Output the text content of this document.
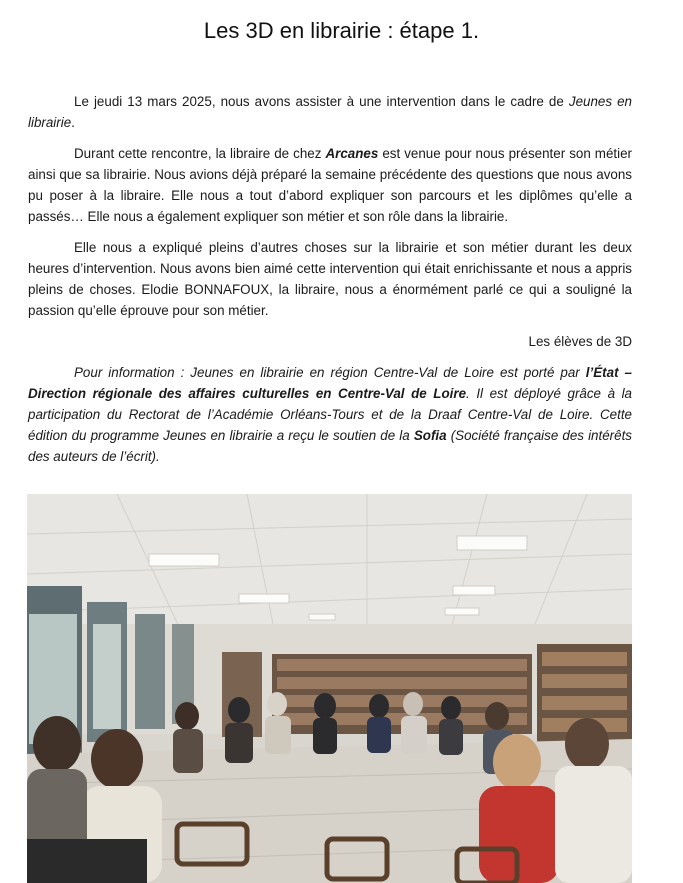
Les 3D en librairie : étape 1.

Le jeudi 13 mars 2025, nous avons assister à une intervention dans le cadre de Jeunes en librairie.

Durant cette rencontre, la libraire de chez Arcanes est venue pour nous présenter son métier ainsi que sa librairie. Nous avions déjà préparé la semaine précédente des questions que nous avons pu poser à la libraire. Elle nous a tout d’abord expliquer son parcours et les diplômes qu’elle a passés… Elle nous a également expliquer son métier et son rôle dans la librairie.

Elle nous a expliqué pleins d’autres choses sur la librairie et son métier durant les deux heures d’intervention. Nous avons bien aimé cette intervention qui était enrichissante et nous a appris pleins de choses. Elodie BONNAFOUX, la libraire, nous a énormément parlé ce qui a souligné la passion qu’elle éprouve pour son métier.

Les élèves de 3D

Pour information : Jeunes en librairie en région Centre-Val de Loire est porté par l’État – Direction régionale des affaires culturelles en Centre-Val de Loire. Il est déployé grâce à la participation du Rectorat de l’Académie Orléans-Tours et de la Draaf Centre-Val de Loire. Cette édition du programme Jeunes en librairie a reçu le soutien de la Sofia (Société française des intérêts des auteurs de l’écrit).
